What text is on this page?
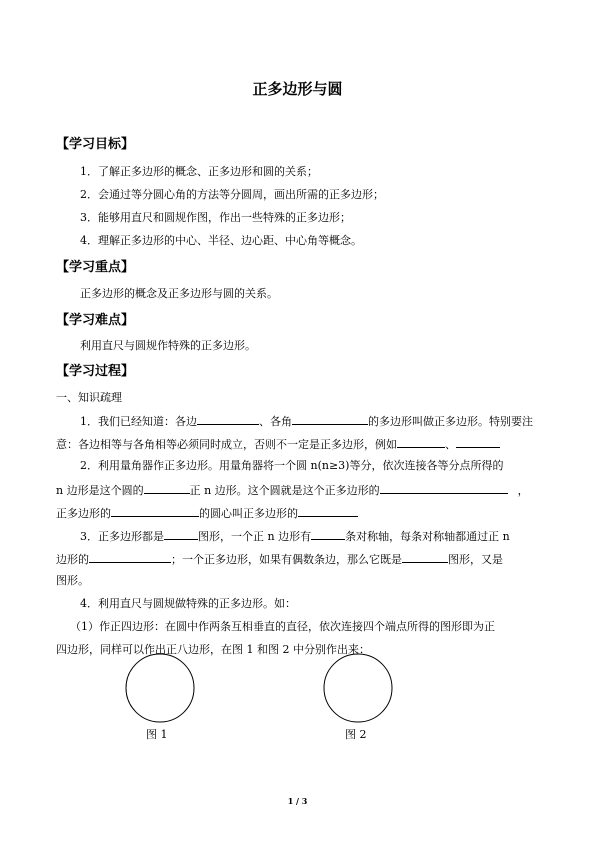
正多边形与圆
【学习目标】
1．了解正多边形的概念、正多边形和圆的关系；
2．会通过等分圆心角的方法等分圆周，画出所需的正多边形；
3．能够用直尺和圆规作图，作出一些特殊的正多边形；
4．理解正多边形的中心、半径、边心距、中心角等概念。
【学习重点】
正多边形的概念及正多边形与圆的关系。
【学习难点】
利用直尺与圆规作特殊的正多边形。
【学习过程】
一、知识疏理
1．我们已经知道：各边	、各角	的多边形叫做正多边形。特别要注
意：各边相等与各角相等必须同时成立，否则不一定是正多边形，例如	、
2．利用量角器作正多边形。用量角器将一个圆 n(n≥3)等分，依次连接各等分点所得的
n 边形是这个圆的	正 n 边形。这个圆就是这个正多边形的	，
正多边形的	的圆心叫正多边形的
3．正多边形都是	图形，一个正 n 边形有	条对称轴，每条对称轴都通过正 n
边形的	；一个正多边形，如果有偶数条边，那么它既是	图形，又是
图形。
4．利用直尺与圆规做特殊的正多边形。如：
（1）作正四边形：在圆中作两条互相垂直的直径，依次连接四个端点所得的图形即为正
四边形，同样可以作出正八边形，在图 1 和图 2 中分别作出来：
图 1	图 2
1 / 3
